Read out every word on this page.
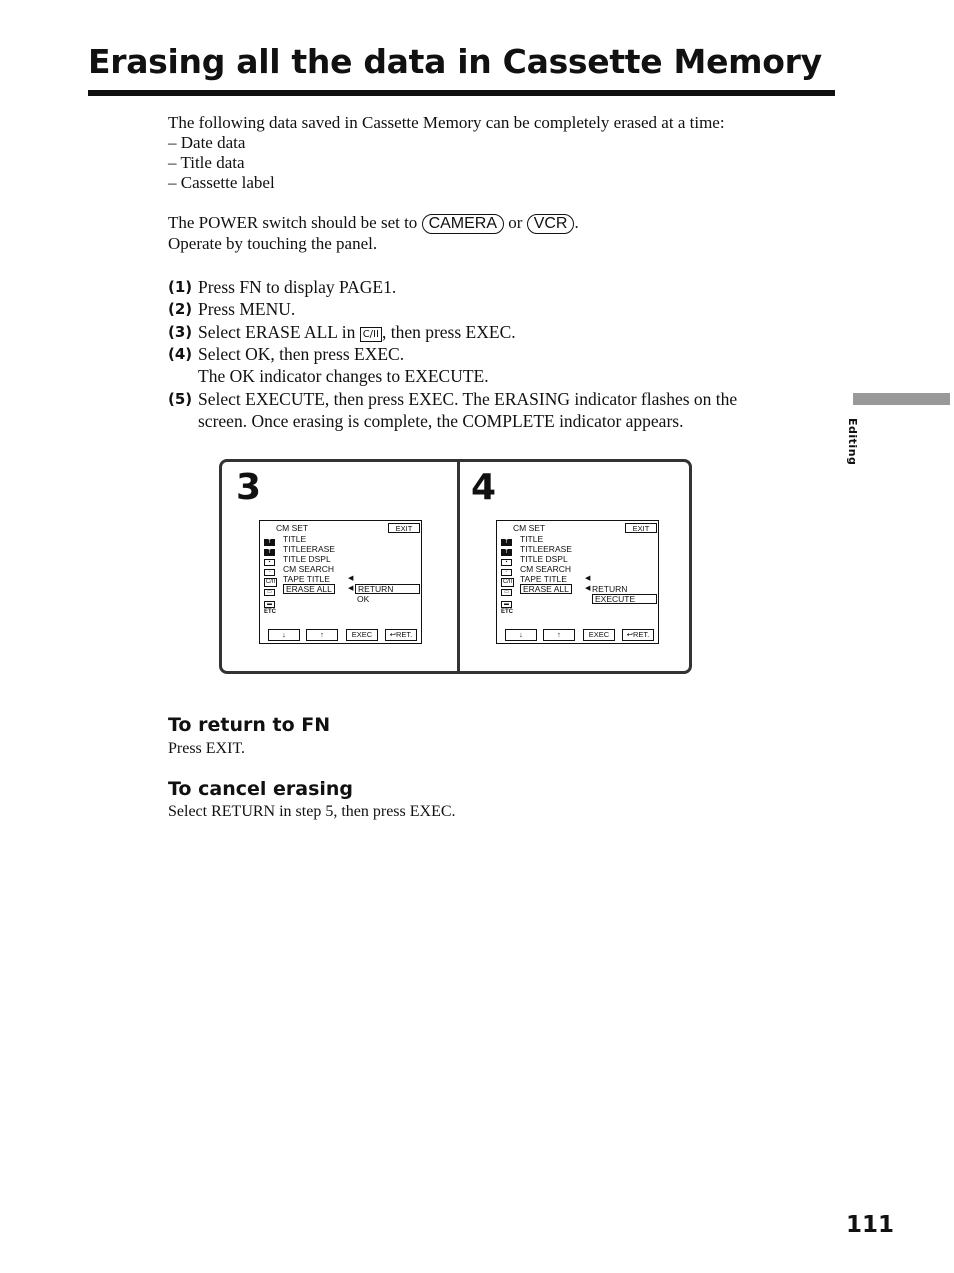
Erasing all the data in Cassette Memory
The following data saved in Cassette Memory can be completely erased at a time:
– Date data
– Title data
– Cassette label
The POWER switch should be set to CAMERA or VCR .
Operate by touching the panel.
(1) Press FN to display PAGE1.
(2) Press MENU.
(3) Select ERASE ALL in C/II , then press EXEC.
(4) Select OK, then press EXEC.
The OK indicator changes to EXECUTE.
(5) Select EXECUTE, then press EXEC. The ERASING indicator flashes on the
screen. Once erasing is complete, the COMPLETE indicator appears.	Editing
3
CM SET	EXIT
T TITLE
T TITLEERASE
▪ TITLE DSPL
▫ CM SEARCH
C/II TAPE TITLE
▭ ERASE ALL
◀
◀
▬
ETC
RETURN
OK
↓	↑	EXEC	↩RET.
4
CM SET	EXIT
T TITLE
T TITLEERASE
▪ TITLE DSPL
▫ CM SEARCH
C/II TAPE TITLE
▭ ERASE ALL
◀
◀
▬
ETC
RETURN
EXECUTE
↓	↑	EXEC	↩RET.
To return to FN
Press EXIT.
To cancel erasing
Select RETURN in step 5, then press EXEC.
111
